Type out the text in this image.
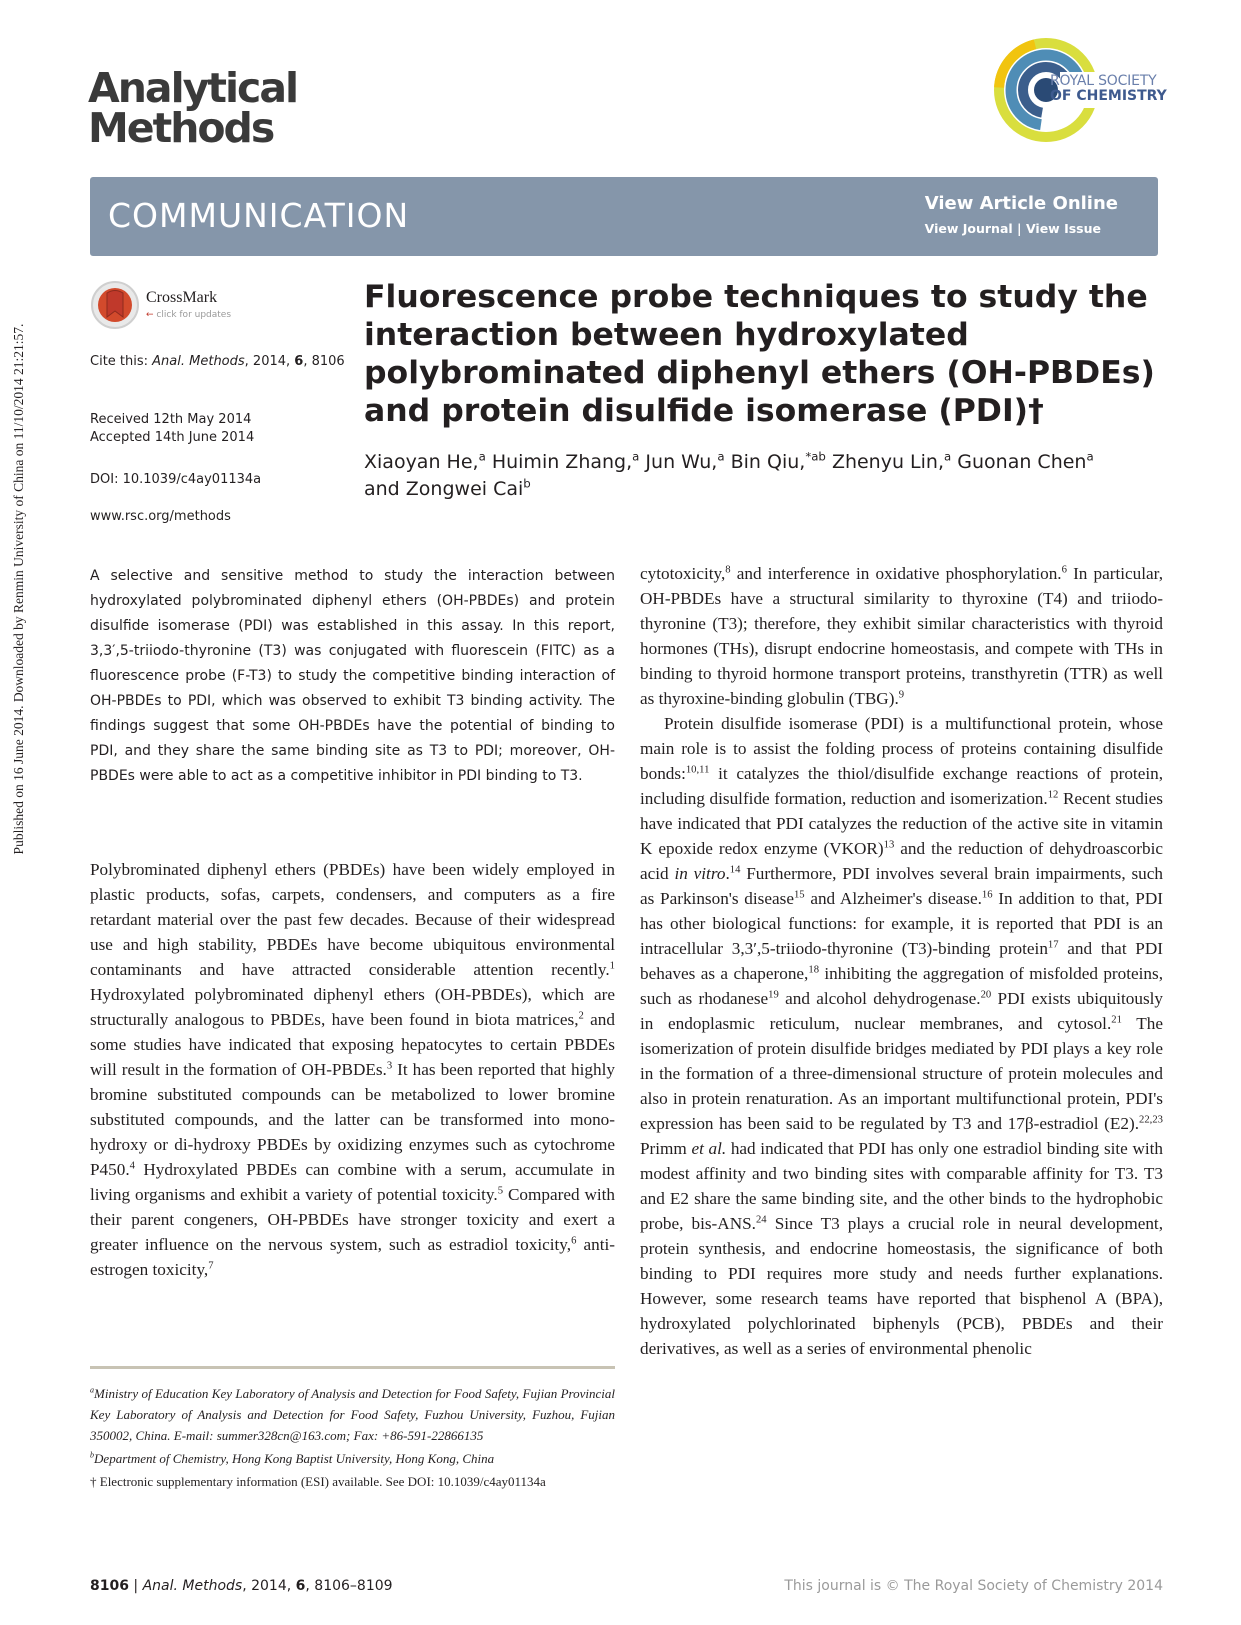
Published on 16 June 2014. Downloaded by Renmin University of China on 11/10/2014 21:21:57.
Analytical
Methods
ROYAL SOCIETY
OF CHEMISTRY
COMMUNICATION	View Article Online
View Journal | View Issue
CrossMark
← click for updates
Cite this: Anal. Methods, 2014, 6, 8106
Received 12th May 2014
Accepted 14th June 2014
DOI: 10.1039/c4ay01134a
www.rsc.org/methods
Fluorescence probe techniques to study the interaction between hydroxylated polybrominated diphenyl ethers (OH-PBDEs) and protein disulfide isomerase (PDI)†
Xiaoyan He,$^a$ Huimin Zhang,$^a$ Jun Wu,$^a$ Bin Qiu,$^{*ab}$ Zhenyu Lin,$^a$ Guonan Chen$^a$
and Zongwei Cai$^b$
A selective and sensitive method to study the interaction between hydroxylated polybrominated diphenyl ethers (OH-PBDEs) and protein disulfide isomerase (PDI) was established in this assay. In this report, 3,3′,5-triiodo-thyronine (T3) was conjugated with fluorescein (FITC) as a fluorescence probe (F-T3) to study the competitive binding interaction of OH-PBDEs to PDI, which was observed to exhibit T3 binding activity. The findings suggest that some OH-PBDEs have the potential of binding to PDI, and they share the same binding site as T3 to PDI; moreover, OH-PBDEs were able to act as a competitive inhibitor in PDI binding to T3.

Polybrominated diphenyl ethers (PBDEs) have been widely employed in plastic products, sofas, carpets, condensers, and computers as a fire retardant material over the past few decades. Because of their widespread use and high stability, PBDEs have become ubiquitous environmental contaminants and have attracted considerable attention recently.$^1$ Hydroxylated polybrominated diphenyl ethers (OH-PBDEs), which are structurally analogous to PBDEs, have been found in biota matrices,$^2$ and some studies have indicated that exposing hepatocytes to certain PBDEs will result in the formation of OH-PBDEs.$^3$ It has been reported that highly bromine substituted compounds can be metabolized to lower bromine substituted compounds, and the latter can be transformed into mono-hydroxy or di-hydroxy PBDEs by oxidizing enzymes such as cytochrome P450.$^4$ Hydroxylated PBDEs can combine with a serum, accumulate in living organisms and exhibit a variety of potential toxicity.$^5$ Compared with their parent congeners, OH-PBDEs have stronger toxicity and exert a greater influence on the nervous system, such as estradiol toxicity,$^6$ anti-estrogen toxicity,$^7$

cytotoxicity,$^8$ and interference in oxidative phosphorylation.$^6$ In particular, OH-PBDEs have a structural similarity to thyroxine (T4) and triiodo-thyronine (T3); therefore, they exhibit similar characteristics with thyroid hormones (THs), disrupt endocrine homeostasis, and compete with THs in binding to thyroid hormone transport proteins, transthyretin (TTR) as well as thyroxine-binding globulin (TBG).$^9$

Protein disulfide isomerase (PDI) is a multifunctional protein, whose main role is to assist the folding process of proteins containing disulfide bonds:$^{10,11}$ it catalyzes the thiol/disulfide exchange reactions of protein, including disulfide formation, reduction and isomerization.$^{12}$ Recent studies have indicated that PDI catalyzes the reduction of the active site in vitamin K epoxide redox enzyme (VKOR)$^{13}$ and the reduction of dehydroascorbic acid in vitro.$^{14}$ Furthermore, PDI involves several brain impairments, such as Parkinson's disease$^{15}$ and Alzheimer's disease.$^{16}$ In addition to that, PDI has other biological functions: for example, it is reported that PDI is an intracellular 3,3′,5-triiodo-thyronine (T3)-binding protein$^{17}$ and that PDI behaves as a chaperone,$^{18}$ inhibiting the aggregation of misfolded proteins, such as rhodanese$^{19}$ and alcohol dehydrogenase.$^{20}$ PDI exists ubiquitously in endoplasmic reticulum, nuclear membranes, and cytosol.$^{21}$ The isomerization of protein disulfide bridges mediated by PDI plays a key role in the formation of a three-dimensional structure of protein molecules and also in protein renaturation. As an important multifunctional protein, PDI's expression has been said to be regulated by T3 and 17β-estradiol (E2).$^{22,23}$ Primm et al. had indicated that PDI has only one estradiol binding site with modest affinity and two binding sites with comparable affinity for T3. T3 and E2 share the same binding site, and the other binds to the hydrophobic probe, bis-ANS.$^{24}$ Since T3 plays a crucial role in neural development, protein synthesis, and endocrine homeostasis, the significance of both binding to PDI requires more study and needs further explanations. However, some research teams have reported that bisphenol A (BPA), hydroxylated polychlorinated biphenyls (PCB), PBDEs and their derivatives, as well as a series of environmental phenolic

$^a$Ministry of Education Key Laboratory of Analysis and Detection for Food Safety, Fujian Provincial Key Laboratory of Analysis and Detection for Food Safety, Fuzhou University, Fuzhou, Fujian 350002, China. E-mail: summer328cn@163.com; Fax: +86-591-22866135

$^b$Department of Chemistry, Hong Kong Baptist University, Hong Kong, China

† Electronic supplementary information (ESI) available. See DOI: 10.1039/c4ay01134a

8106 | Anal. Methods, 2014, 6, 8106–8109	This journal is © The Royal Society of Chemistry 2014
